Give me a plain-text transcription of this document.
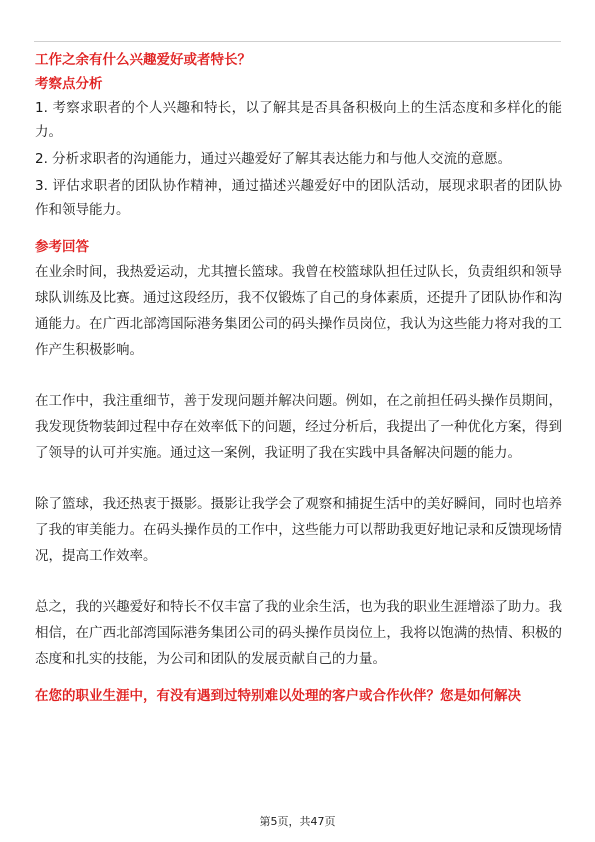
工作之余有什么兴趣爱好或者特长？

考察点分析

1. 考察求职者的个人兴趣和特长，以了解其是否具备积极向上的生活态度和多样化的能力。

2. 分析求职者的沟通能力，通过兴趣爱好了解其表达能力和与他人交流的意愿。

3. 评估求职者的团队协作精神，通过描述兴趣爱好中的团队活动，展现求职者的团队协作和领导能力。

参考回答

在业余时间，我热爱运动，尤其擅长篮球。我曾在校篮球队担任过队长，负责组织和领导球队训练及比赛。通过这段经历，我不仅锻炼了自己的身体素质，还提升了团队协作和沟通能力。在广西北部湾国际港务集团公司的码头操作员岗位，我认为这些能力将对我的工作产生积极影响。

在工作中，我注重细节，善于发现问题并解决问题。例如，在之前担任码头操作员期间，我发现货物装卸过程中存在效率低下的问题，经过分析后，我提出了一种优化方案，得到了领导的认可并实施。通过这一案例，我证明了我在实践中具备解决问题的能力。

除了篮球，我还热衷于摄影。摄影让我学会了观察和捕捉生活中的美好瞬间，同时也培养了我的审美能力。在码头操作员的工作中，这些能力可以帮助我更好地记录和反馈现场情况，提高工作效率。

总之，我的兴趣爱好和特长不仅丰富了我的业余生活，也为我的职业生涯增添了助力。我相信，在广西北部湾国际港务集团公司的码头操作员岗位上，我将以饱满的热情、积极的态度和扎实的技能，为公司和团队的发展贡献自己的力量。

在您的职业生涯中，有没有遇到过特别难以处理的客户或合作伙伴？您是如何解决

第5页，共47页
